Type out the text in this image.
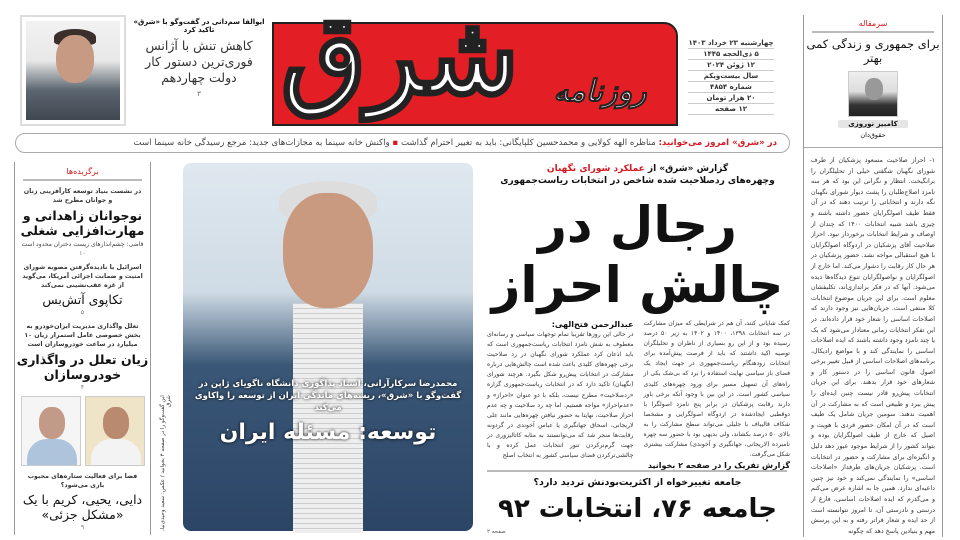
ایوالفا سم‌دانی در گفت‌وگو با «شرق» تاکید کرد
کاهش تنش با آژانس فوری‌ترین دستور کار دولت چهاردهم
۳ شرق	روزنامه
چهارشنبه ۲۳ خرداد ۱۴۰۳
۵ ذی‌الحجه ۱۴۴۵
۱۲ ژوئن ۲۰۲۴
سال بیست‌ویکم
شماره ۴۸۵۴
۲۰ هزار تومان
۱۲ صفحه
در «شرق» امروز می‌خوانید: مناظره الهه کولایی و محمدحسین کلپایگانی: باید به تغییر احترام گذاشت ▪ واکنش خانه سینما به مجازات‌های جدید: مرجع رسیدگی خانه سینما است
سرمقاله
برای جمهوری و زندگی کمی بهتر
کامبیز نوروزی
حقوق‌دان
۱- احراز صلاحیت مسعود پزشکیان از طرف شورای نگهبان شگفتی خیلی از تحلیلگران را برانگیخت. انتظار و نگرانی این بود که هر سه نامزد اصلاح‌طلبان را پشت دیوار شورای نگهبان نگه دارند و انتخاباتی را ترتیب دهند که در آن فقط طیف اصولگرایان حضور داشته باشند و چیزی باشد شبیه انتخابات ۱۴۰۰ که چندان از اوصاف و شرایط انتخابات برخوردار نبود. احراز صلاحیت آقای پزشکیان در اردوگاه اصولگرایان با هیچ استقبالی مواجه نشد. حضور پزشکیان در هر حال کار رقابت را دشوار می‌کند. اما خارج از اصولگرایان و نواصولگرایان تنوع دیدگاه‌ها دیده می‌شود. آنها که در فکر براندازی‌اند، تکلیفشان معلوم است. برای این جریان موضوع انتخابات کلا منتفی است. جریان‌هایی نیز وجود دارند که اصلاحات اساسی را شعار خود قرار داده‌اند. در این تفکر انتخابات زمانی معنادار می‌شود که یک یا چند نامزد وجود داشته باشند که ایده اصلاحات اساسی را نمایندگی کند و با مواضع رادیکال، برنامه‌های اصلاحات اساسی از قبیل تغییر برخی اصول قانون اساسی را در دستور کار و شعارهای خود قرار بدهند. برای این جریان انتخابات پیش‌رو قادر نیست چنین ایده‌ای را پیش ببرد و طبیعی است که به مشارکت در آن اهمیت ندهند. سومین جریان شامل یک طیف است که در آن امکان حضور فردی با هویت و اصیل که خارج از طیف اصولگرایان بوده و بتواند کشور را از شرایط موجود عبور دهد دلیل و انگیزه‌ای برای مشارکت و حضور در انتخابات است. پزشکیان جریان‌های طرفدار «اصلاحات اساسی» را نمایندگی نمی‌کند و خود نیز چنین داعیه‌ای ندارد. همین جا به اشاره عرض می‌کنم و می‌گذرم که ایده اصلاحات اساسی، فارغ از درستی و نادرستی آن، تا امروز نتوانسته است از حد ایده و شعار فراتر رفته و به این پرسش مهم و بنیادین پاسخ دهد که چگونه
برگزیده‌ها
در نشست بنیاد توسعه کارآفرینی زنان و جوانان مطرح شد
نوجوانان زاهدانی و مهارت‌افزایی شغلی
قاضی: چشم‌اندازهای زیست دختران محدود است
۱۰
اسرائیل با نادیده‌گرفتن مصوبه شورای امنیت و ضمانت اجرائی آمریکا، می‌گوید از غزه عقب‌نشینی نمی‌کند
تکاپوی آتش‌بس
۵
تعلل واگذاری مدیریت ایران‌خودرو به بخش خصوصی عامل استمرار زیان ۱۰ میلیارد در ساعت خودروسازان است
زیان تعلل در واگذاری خودروسازان
۴
فضا برای فعالیت ستاره‌های محبوب بازی می‌شود؟
دایی، یحیی، کریم با یک «مشکل جزئی»
۹	این گفت‌وگو را در صفحه ۴ بخوانید / عکس: سعید وحیدی‌نیا، شرق
محمدرضا سرکارآرانی، استاد پداگوژی دانشگاه ناگویای ژاپن در گفت‌وگو با «شرق»، ریشه‌های ماندگی ایران از توسعه را واکاوی می‌کند
توسعه: مسئله ایران
گزارش «شرق» از عملکرد شورای نگهبان
وچهره‌های ردصلاحیت شده شاخص در انتخابات ریاست‌جمهوری
رجال در چالش احراز
عبدالرحمن فتح‌الهی:
در حالی این روزها تقریبا تمام توجهات سیاسی و رسانه‌ای معطوف به شش نامزد انتخابات ریاست‌جمهوری است که باید اذعان کرد عملکرد شورای نگهبان در رد صلاحیت برخی چهره‌های کلیدی باعث شده است چالش‌هایی درباره مشارکت در انتخابات پیش‌رو شکل بگیرد. هرچند شورای (نگهبان) تاکید دارد که در انتخابات ریاست‌جمهوری گزاره «ردصلاحیت» مطرح نیست، بلکه با دو عنوان «احراز» و «عدم‌احراز» مواجه هستیم. اما چه رد صلاحیت و چه عدم احراز صلاحیت، نهایتا به حضور نیافتن چهره‌هایی مانند علی لاریجانی، اسحاق جهانگیری یا عباس آخوندی در گردونه رقابت‌ها منجر شد که می‌توانستند به مثابه کاتالیزوری در جهت گرم‌ترکردن تنور انتخابات عمل کرده و با چالشی‌ترکردن فضای سیاسی کشور به انتخاب اصلح
کمک شایانی کنند، آن هم در شرایطی که میزان مشارکت در سه انتخابات ۱۳۹۸، ۱۴۰۰ و ۱۴۰۲ به زیر ۵۰ درصد رسیده بود و از این رو بسیاری از ناظران و تحلیلگران توصیه اکید داشتند که باید از فرصت پیش‌آمده برای انتخابات زودهنگام ریاست‌جمهوری در جهت ایجاد یک فضای باز سیاسی نهایت استفاده را برد که بی‌شک یکی از راه‌های آن تسهیل مسیر برای ورود چهره‌های کلیدی سیاسی کشور است. در این بین با وجود آنکه برخی باور دارند رقابت پزشکیان در برابر پنج نامزد اصولگرا با دوقطبی ایجادشده در اردوگاه اصولگرایی و مشخصا شکاف قالیباف با جلیلی می‌تواند سطح مشارکت را به بالای ۵۰ درصد بکشاند، ولی بدیهی بود با حضور سه چهره نامبرده (لاریجانی، جهانگیری و آخوندی) مشارکت بیشتری شکل می‌گرفت.
گزارش تفریک را در صفحه ۲ بخوانید
جامعه تغییرخواه از اکثریت‌بودنش تردید دارد؟
جامعه ۷۶، انتخابات ۹۲
صفحه ۲
